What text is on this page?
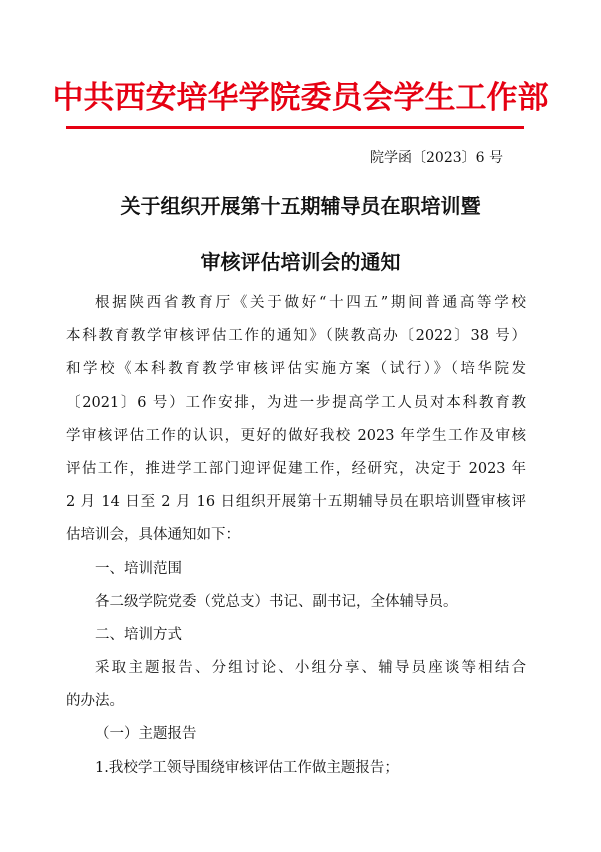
中共西安培华学院委员会学生工作部
院学函〔2023〕6 号
关于组织开展第十五期辅导员在职培训暨
审核评估培训会的通知
根据陕西省教育厅《关于做好“十四五”期间普通高等学校
本科教育教学审核评估工作的通知》（陕教高办〔2022〕38 号）
和学校《本科教育教学审核评估实施方案（试行）》（培华院发
〔2021〕6 号）工作安排，为进一步提高学工人员对本科教育教
学审核评估工作的认识，更好的做好我校 2023 年学生工作及审核
评估工作，推进学工部门迎评促建工作，经研究，决定于 2023 年
2 月 14 日至 2 月 16 日组织开展第十五期辅导员在职培训暨审核评
估培训会，具体通知如下：
一、培训范围
各二级学院党委（党总支）书记、副书记，全体辅导员。
二、培训方式
采取主题报告、分组讨论、小组分享、辅导员座谈等相结合
的办法。
（一）主题报告
1.我校学工领导围绕审核评估工作做主题报告；
